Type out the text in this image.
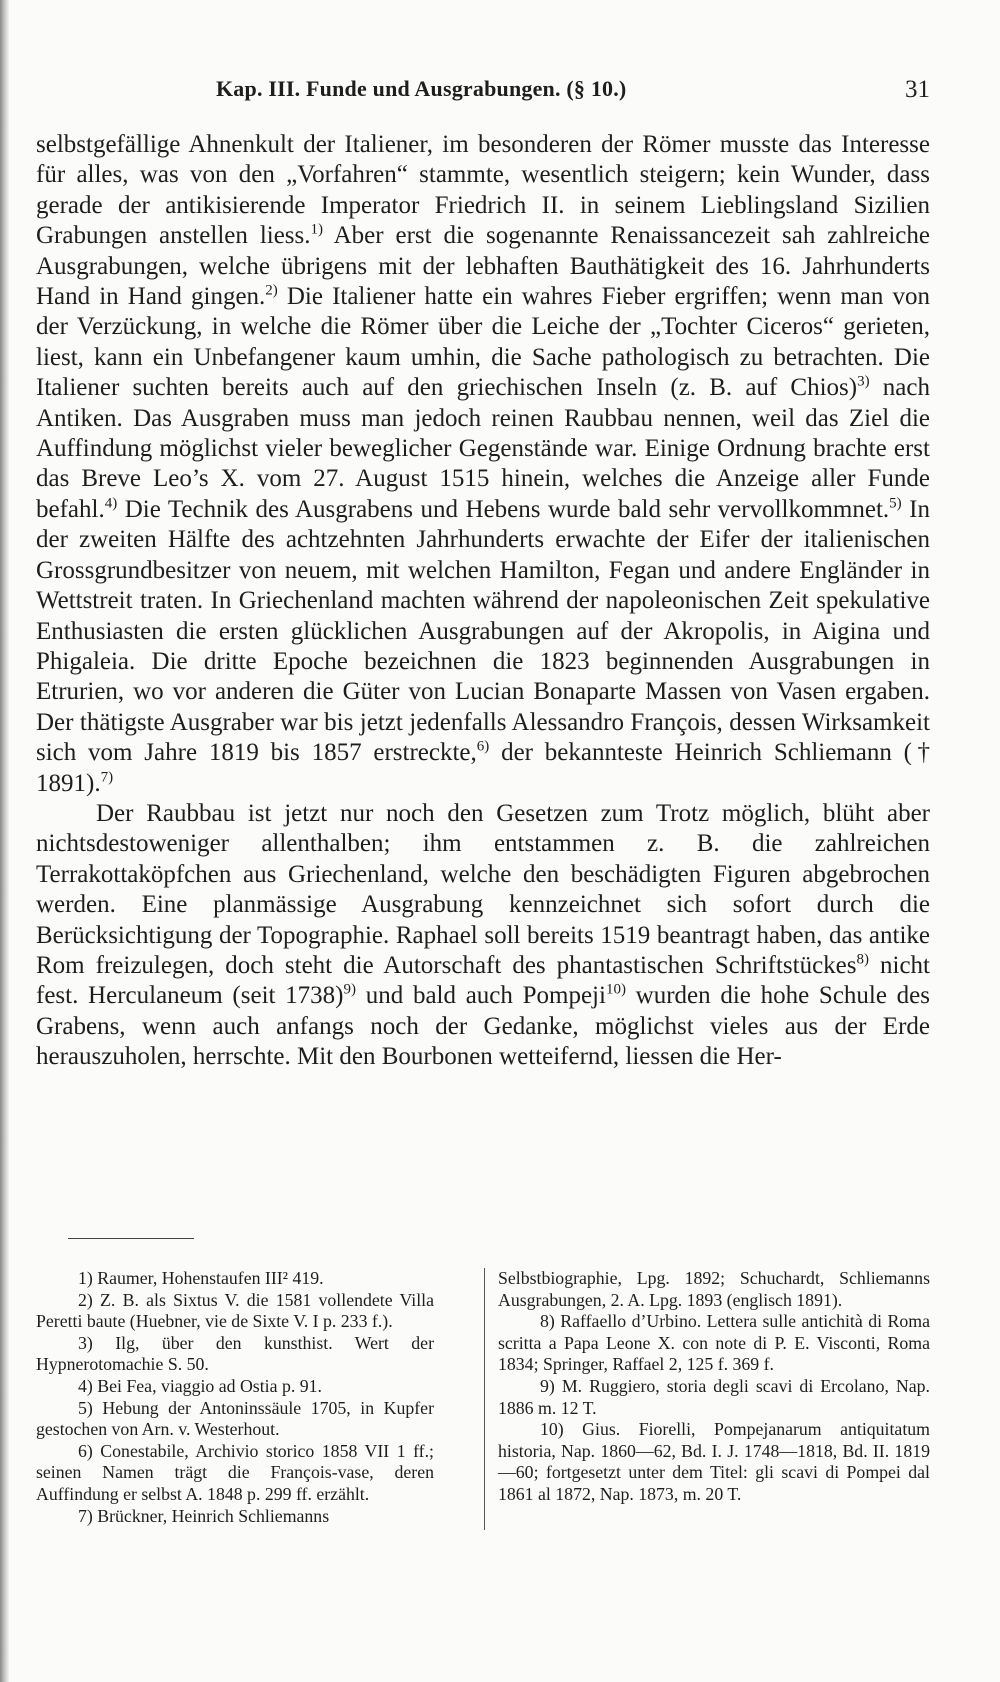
Kap. III. Funde und Ausgrabungen. (§ 10.)	31

selbstgefällige Ahnenkult der Italiener, im besonderen der Römer musste das Interesse für alles, was von den „Vorfahren“ stammte, wesentlich steigern; kein Wunder, dass gerade der antikisierende Imperator Friedrich II. in seinem Lieblingsland Sizilien Grabungen anstellen liess.$^{1)}$ Aber erst die sogenannte Renaissancezeit sah zahlreiche Ausgrabungen, welche übrigens mit der lebhaften Bauthätigkeit des 16. Jahrhunderts Hand in Hand gingen.$^{2)}$ Die Italiener hatte ein wahres Fieber ergriffen; wenn man von der Verzückung, in welche die Römer über die Leiche der „Tochter Ciceros“ gerieten, liest, kann ein Unbefangener kaum umhin, die Sache pathologisch zu betrachten. Die Italiener suchten bereits auch auf den griechischen Inseln (z. B. auf Chios)$^{3)}$ nach Antiken. Das Ausgraben muss man jedoch reinen Raubbau nennen, weil das Ziel die Auffindung möglichst vieler beweglicher Gegenstände war. Einige Ordnung brachte erst das Breve Leo’s X. vom 27. August 1515 hinein, welches die Anzeige aller Funde befahl.$^{4)}$ Die Technik des Ausgrabens und Hebens wurde bald sehr vervollkommnet.$^{5)}$ In der zweiten Hälfte des achtzehnten Jahrhunderts erwachte der Eifer der italienischen Grossgrundbesitzer von neuem, mit welchen Hamilton, Fegan und andere Engländer in Wettstreit traten. In Griechenland machten während der napoleonischen Zeit spekulative Enthusiasten die ersten glücklichen Ausgrabungen auf der Akropolis, in Aigina und Phigaleia. Die dritte Epoche bezeichnen die 1823 beginnenden Ausgrabungen in Etrurien, wo vor anderen die Güter von Lucian Bonaparte Massen von Vasen ergaben. Der thätigste Ausgraber war bis jetzt jedenfalls Alessandro François, dessen Wirksamkeit sich vom Jahre 1819 bis 1857 erstreckte,$^{6)}$ der bekannteste Heinrich Schliemann († 1891).$^{7)}$

Der Raubbau ist jetzt nur noch den Gesetzen zum Trotz möglich, blüht aber nichtsdestoweniger allenthalben; ihm entstammen z. B. die zahlreichen Terrakottaköpfchen aus Griechenland, welche den beschädigten Figuren abgebrochen werden. Eine planmässige Ausgrabung kennzeichnet sich sofort durch die Berücksichtigung der Topographie. Raphael soll bereits 1519 beantragt haben, das antike Rom freizulegen, doch steht die Autorschaft des phantastischen Schriftstückes$^{8)}$ nicht fest. Herculaneum (seit 1738)$^{9)}$ und bald auch Pompeji$^{10)}$ wurden die hohe Schule des Grabens, wenn auch anfangs noch der Gedanke, möglichst vieles aus der Erde herauszuholen, herrschte. Mit den Bourbonen wetteifernd, liessen die Her-

1) Raumer, Hohenstaufen III² 419.

2) Z. B. als Sixtus V. die 1581 vollendete Villa Peretti baute (Huebner, vie de Sixte V. I p. 233 f.).

3) Ilg, über den kunsthist. Wert der Hypnerotomachie S. 50.

4) Bei Fea, viaggio ad Ostia p. 91.

5) Hebung der Antoninssäule 1705, in Kupfer gestochen von Arn. v. Westerhout.

6) Conestabile, Archivio storico 1858 VII 1 ff.; seinen Namen trägt die François-vase, deren Auffindung er selbst A. 1848 p. 299 ff. erzählt.

7) Brückner, Heinrich Schliemanns

Selbstbiographie, Lpg. 1892; Schuchardt, Schliemanns Ausgrabungen, 2. A. Lpg. 1893 (englisch 1891).

8) Raffaello d’Urbino. Lettera sulle antichità di Roma scritta a Papa Leone X. con note di P. E. Visconti, Roma 1834; Springer, Raffael 2, 125 f. 369 f.

9) M. Ruggiero, storia degli scavi di Ercolano, Nap. 1886 m. 12 T.

10) Gius. Fiorelli, Pompejanarum antiquitatum historia, Nap. 1860—62, Bd. I. J. 1748—1818, Bd. II. 1819—60; fortgesetzt unter dem Titel: gli scavi di Pompei dal 1861 al 1872, Nap. 1873, m. 20 T.
